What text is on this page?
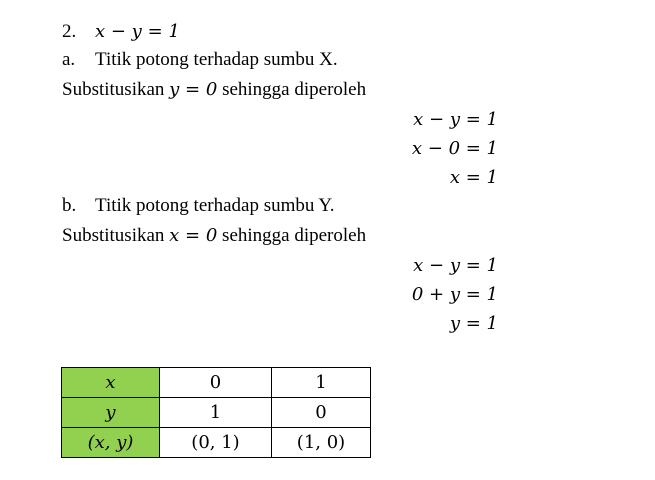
2. x − y = 1
a. Titik potong terhadap sumbu X.
Substitusikan y = 0 sehingga diperoleh
x − y = 1
x − 0 = 1
x = 1
b. Titik potong terhadap sumbu Y.
Substitusikan x = 0 sehingga diperoleh
x − y = 1
0 + y = 1
y = 1
x	0	1
y	1	0
(x, y)	(0, 1)	(1, 0)
